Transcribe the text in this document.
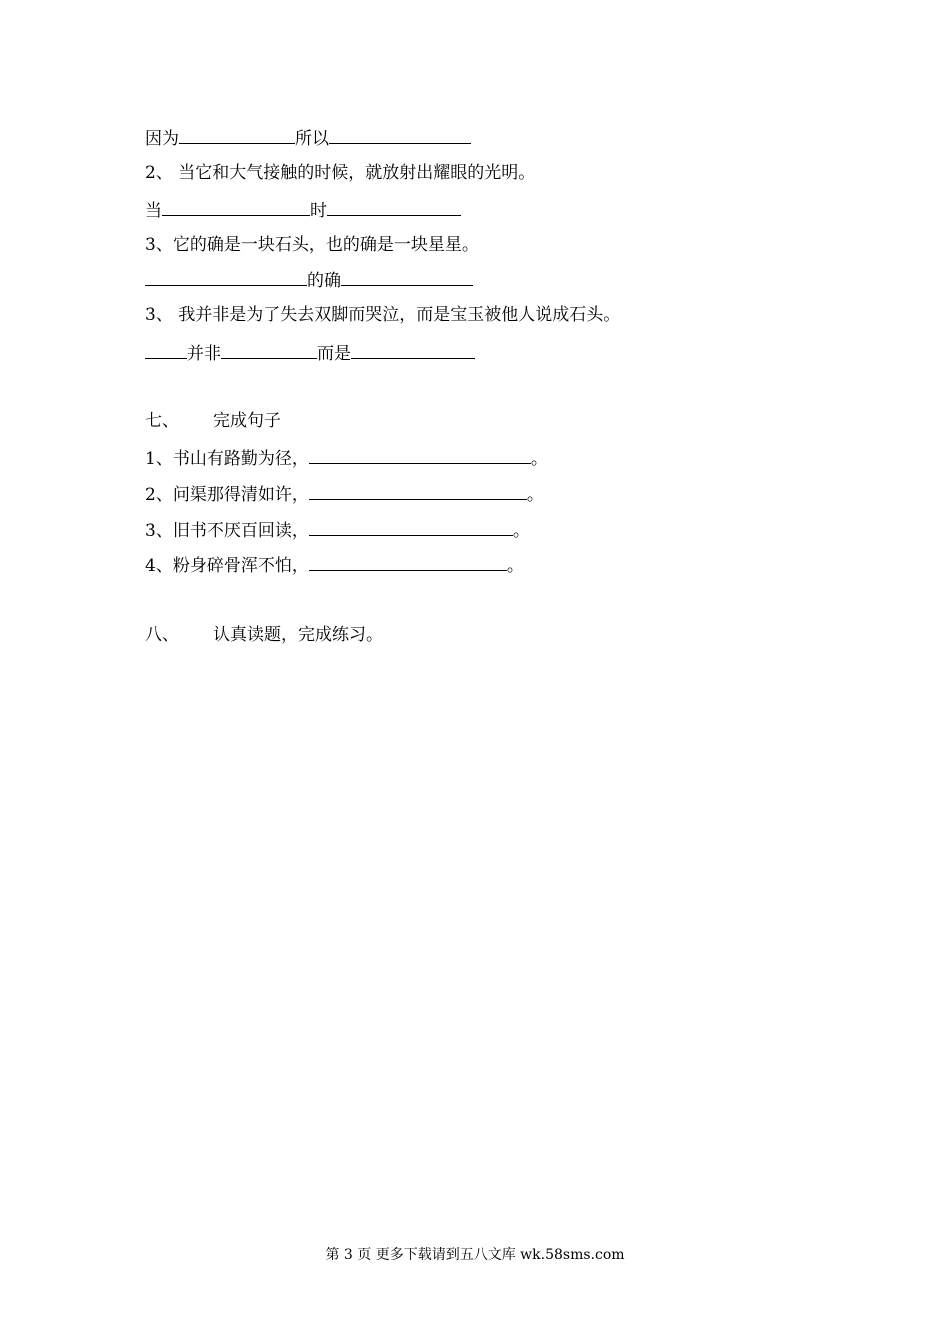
因为	所以
2、 当它和大气接触的时候，就放射出耀眼的光明。
当	时
3、它的确是一块石头，也的确是一块星星。
的确
3、 我并非是为了失去双脚而哭泣，而是宝玉被他人说成石头。
并非	而是
七、 完成句子
1、书山有路勤为径，	。
2、问渠那得清如许，	。
3、旧书不厌百回读，	。
4、粉身碎骨浑不怕，	。
八、 认真读题，完成练习。
第 3 页 更多下载请到五八文库 wk.58sms.com
